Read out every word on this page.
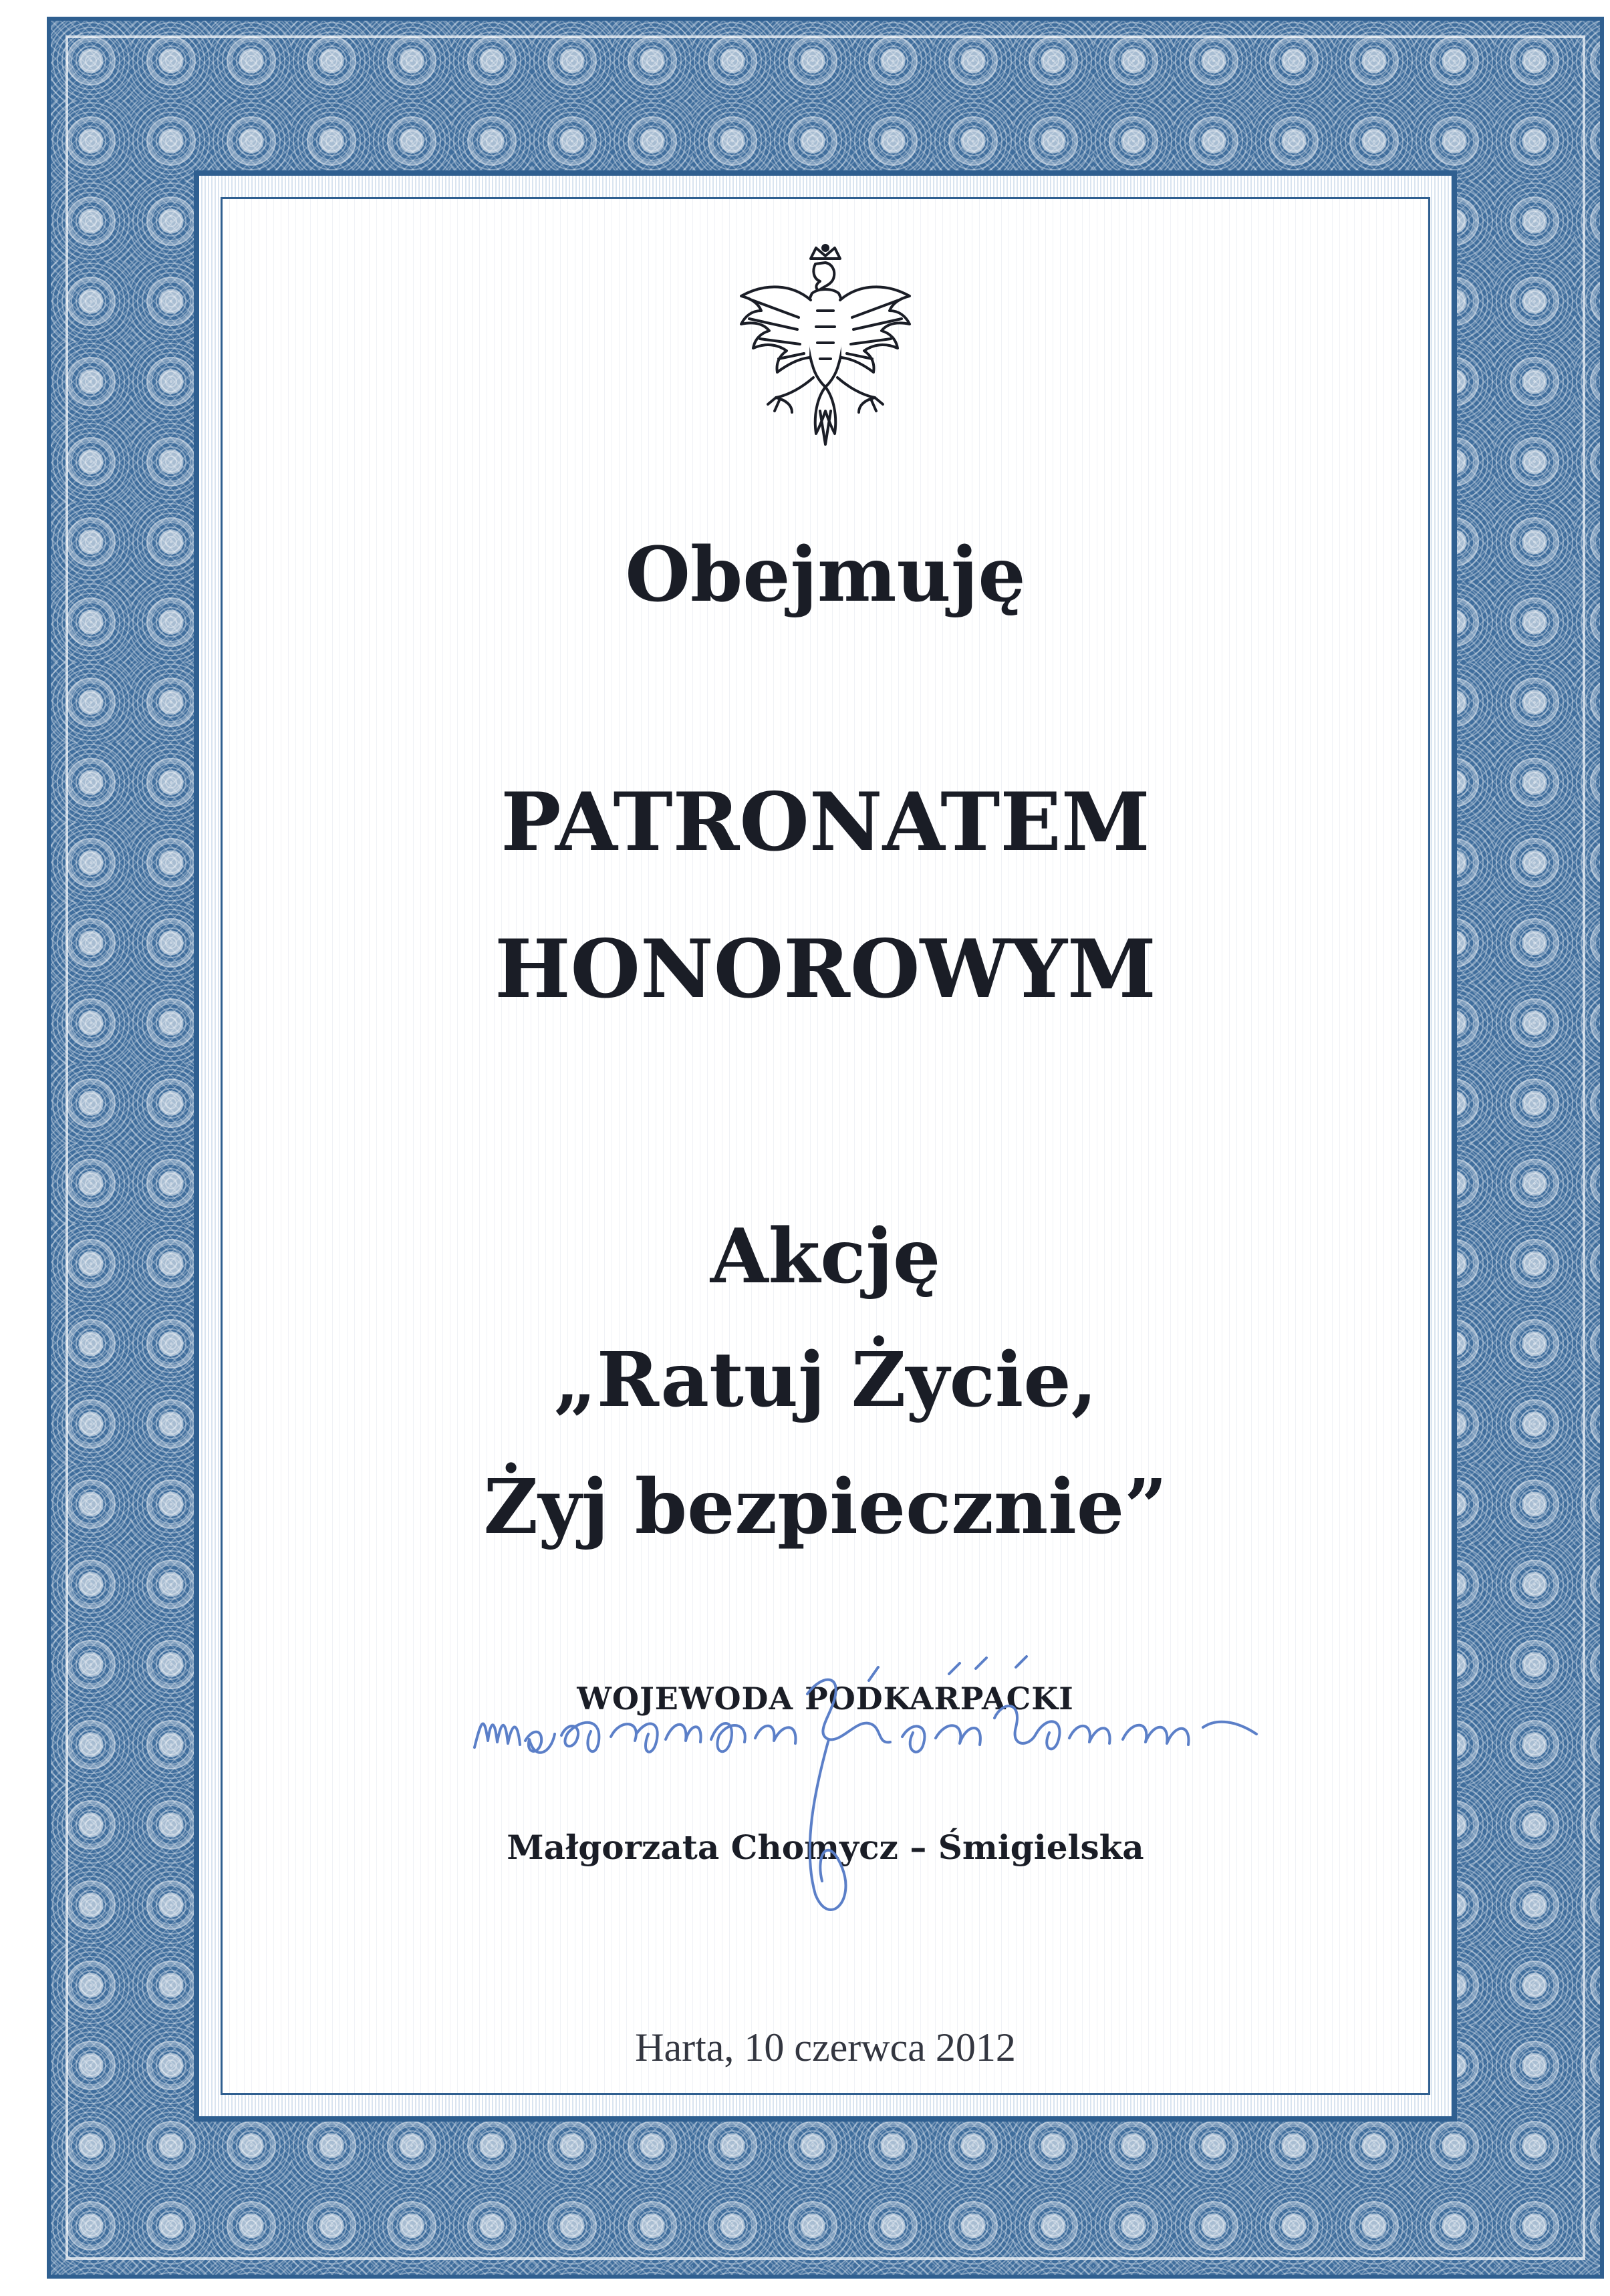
Obejmuję
PATRONATEM
HONOROWYM
Akcję
„Ratuj Życie,
Żyj bezpiecznie”
WOJEWODA PODKARPACKI
Małgorzata Chomycz – Śmigielska
Harta, 10 czerwca 2012
